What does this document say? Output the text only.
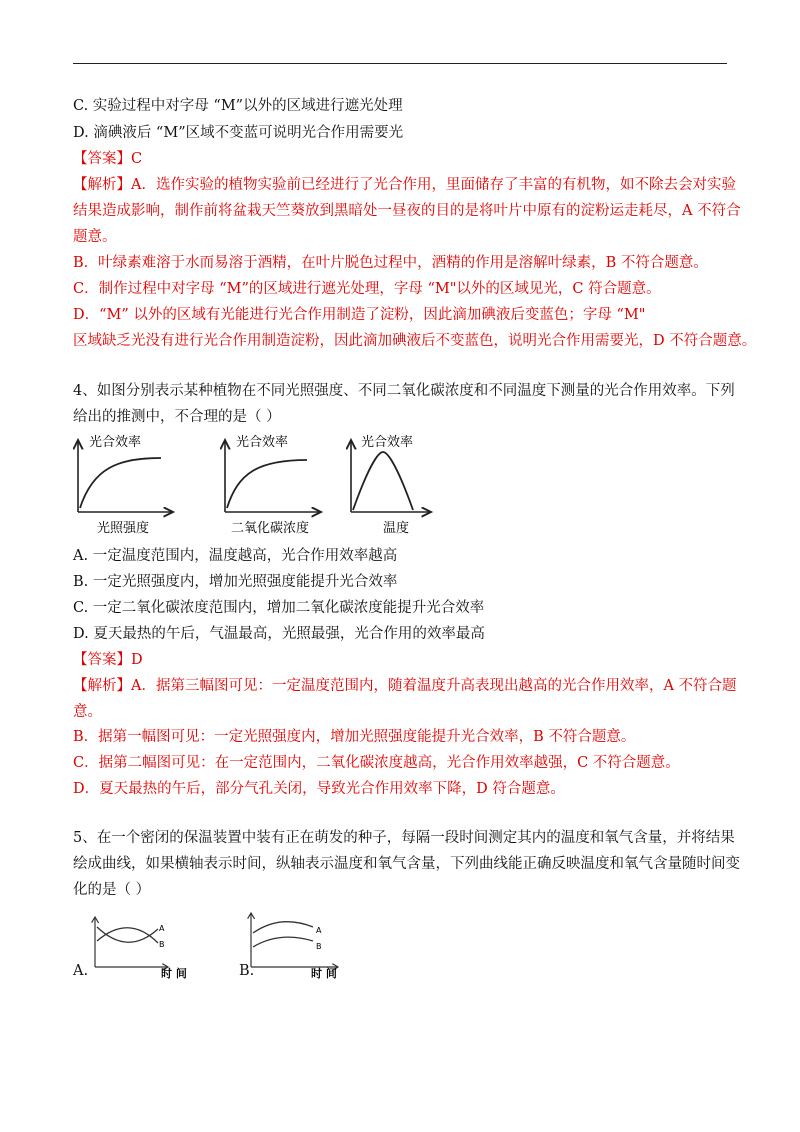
C. 实验过程中对字母 “M”以外的区域进行遮光处理
D. 滴碘液后 “M”区域不变蓝可说明光合作用需要光
【答案】C
【解析】A．选作实验的植物实验前已经进行了光合作用，里面储存了丰富的有机物，如不除去会对实验
结果造成影响，制作前将盆栽天竺葵放到黑暗处一昼夜的目的是将叶片中原有的淀粉运走耗尽，A 不符合
题意。
B．叶绿素难溶于水而易溶于酒精，在叶片脱色过程中，酒精的作用是溶解叶绿素，B 不符合题意。
C．制作过程中对字母 “M”的区域进行遮光处理，字母 “M"以外的区域见光，C 符合题意。
D．“M” 以外的区域有光能进行光合作用制造了淀粉，因此滴加碘液后变蓝色；字母 “M"
区域缺乏光没有进行光合作用制造淀粉，因此滴加碘液后不变蓝色，说明光合作用需要光，D 不符合题意。
4、如图分别表示某种植物在不同光照强度、不同二氧化碳浓度和不同温度下测量的光合作用效率。下列
给出的推测中，不合理的是（ ）
光合效率
光照强度
光合效率
二氧化碳浓度
光合效率
温度
A. 一定温度范围内，温度越高，光合作用效率越高
B. 一定光照强度内，增加光照强度能提升光合效率
C. 一定二氧化碳浓度范围内，增加二氧化碳浓度能提升光合效率
D. 夏天最热的午后，气温最高，光照最强，光合作用的效率最高
【答案】D
【解析】A．据第三幅图可见：一定温度范围内，随着温度升高表现出越高的光合作用效率，A 不符合题
意。
B．据第一幅图可见：一定光照强度内，增加光照强度能提升光合效率，B 不符合题意。
C．据第二幅图可见：在一定范围内，二氧化碳浓度越高，光合作用效率越强，C 不符合题意。
D．夏天最热的午后，部分气孔关闭，导致光合作用效率下降，D 符合题意。
5、在一个密闭的保温装置中装有正在萌发的种子，每隔一段时间测定其内的温度和氧气含量，并将结果
绘成曲线，如果横轴表示时间，纵轴表示温度和氧气含量，下列曲线能正确反映温度和氧气含量随时间变
化的是（ ）
A
B
时 间
A
B
时 间
A.	B.
